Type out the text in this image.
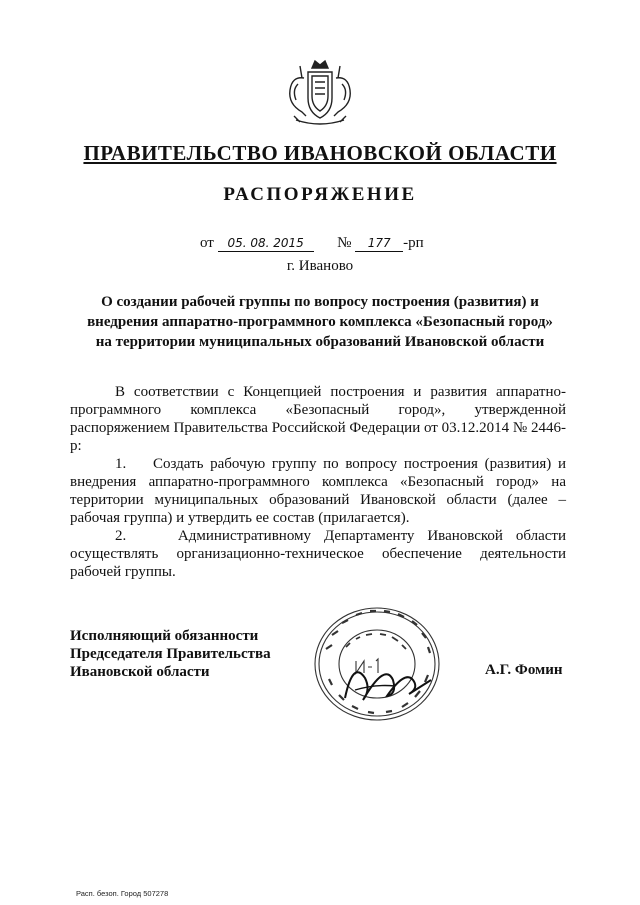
ПРАВИТЕЛЬСТВО ИВАНОВСКОЙ ОБЛАСТИ
РАСПОРЯЖЕНИЕ
от 05. 08. 2015 № 177 -рп
г. Иваново
О создании рабочей группы по вопросу построения (развития) и
внедрения аппаратно-программного комплекса «Безопасный город»
на территории муниципальных образований Ивановской области

В соответствии с Концепцией построения и развития аппаратно-программного комплекса «Безопасный город», утвержденной распоряжением Правительства Российской Федерации от 03.12.2014 № 2446-р:

1. Создать рабочую группу по вопросу построения (развития) и внедрения аппаратно-программного комплекса «Безопасный город» на территории муниципальных образований Ивановской области (далее – рабочая группа) и утвердить ее состав (прилагается).

2.	Административному Департаменту Ивановской области осуществлять организационно-техническое обеспечение деятельности рабочей группы.

Исполняющий обязанности
Председателя Правительства
Ивановской области	А.Г. Фомин
Расп. безоп. Город 507278
